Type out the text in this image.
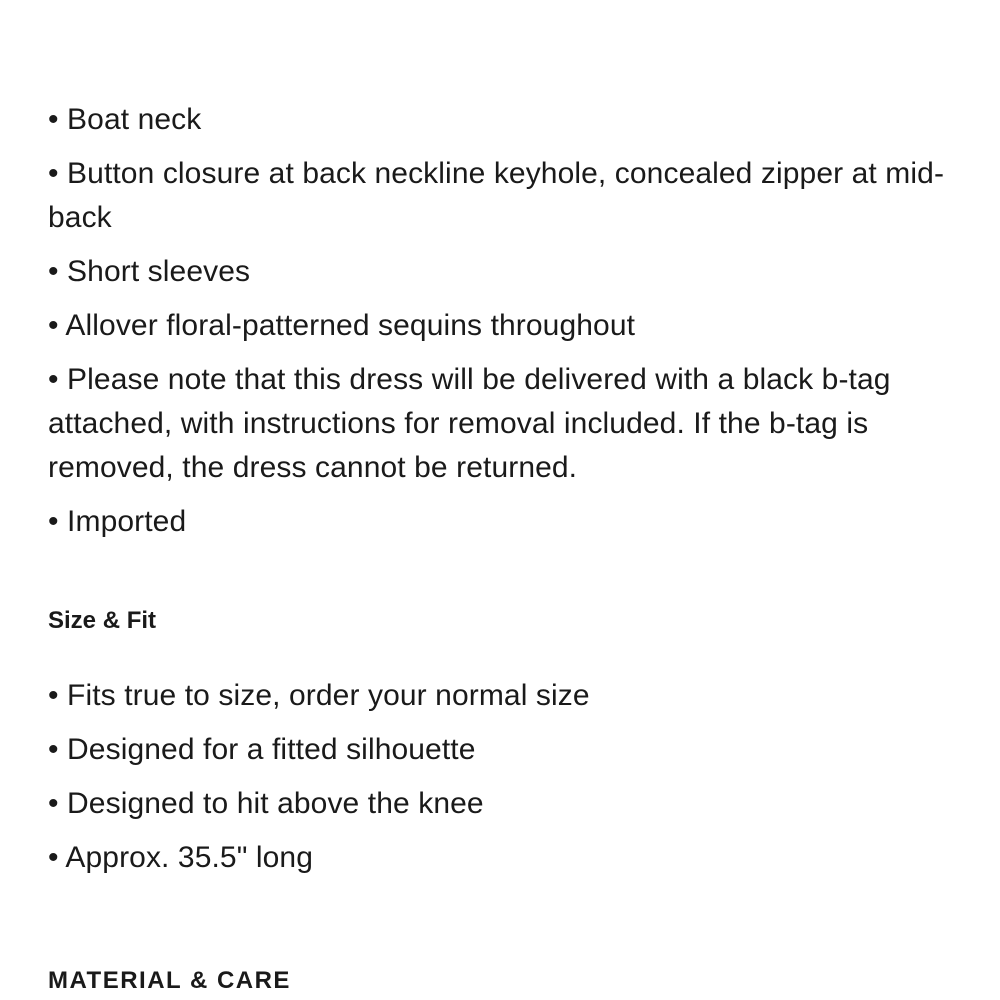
• Boat neck
• Button closure at back neckline keyhole, concealed zipper at mid-back
• Short sleeves
• Allover floral-patterned sequins throughout
• Please note that this dress will be delivered with a black b-tag attached, with instructions for removal included. If the b-tag is removed, the dress cannot be returned.
• Imported
Size & Fit
• Fits true to size, order your normal size
• Designed for a fitted silhouette
• Designed to hit above the knee
• Approx. 35.5" long
MATERIAL & CARE
